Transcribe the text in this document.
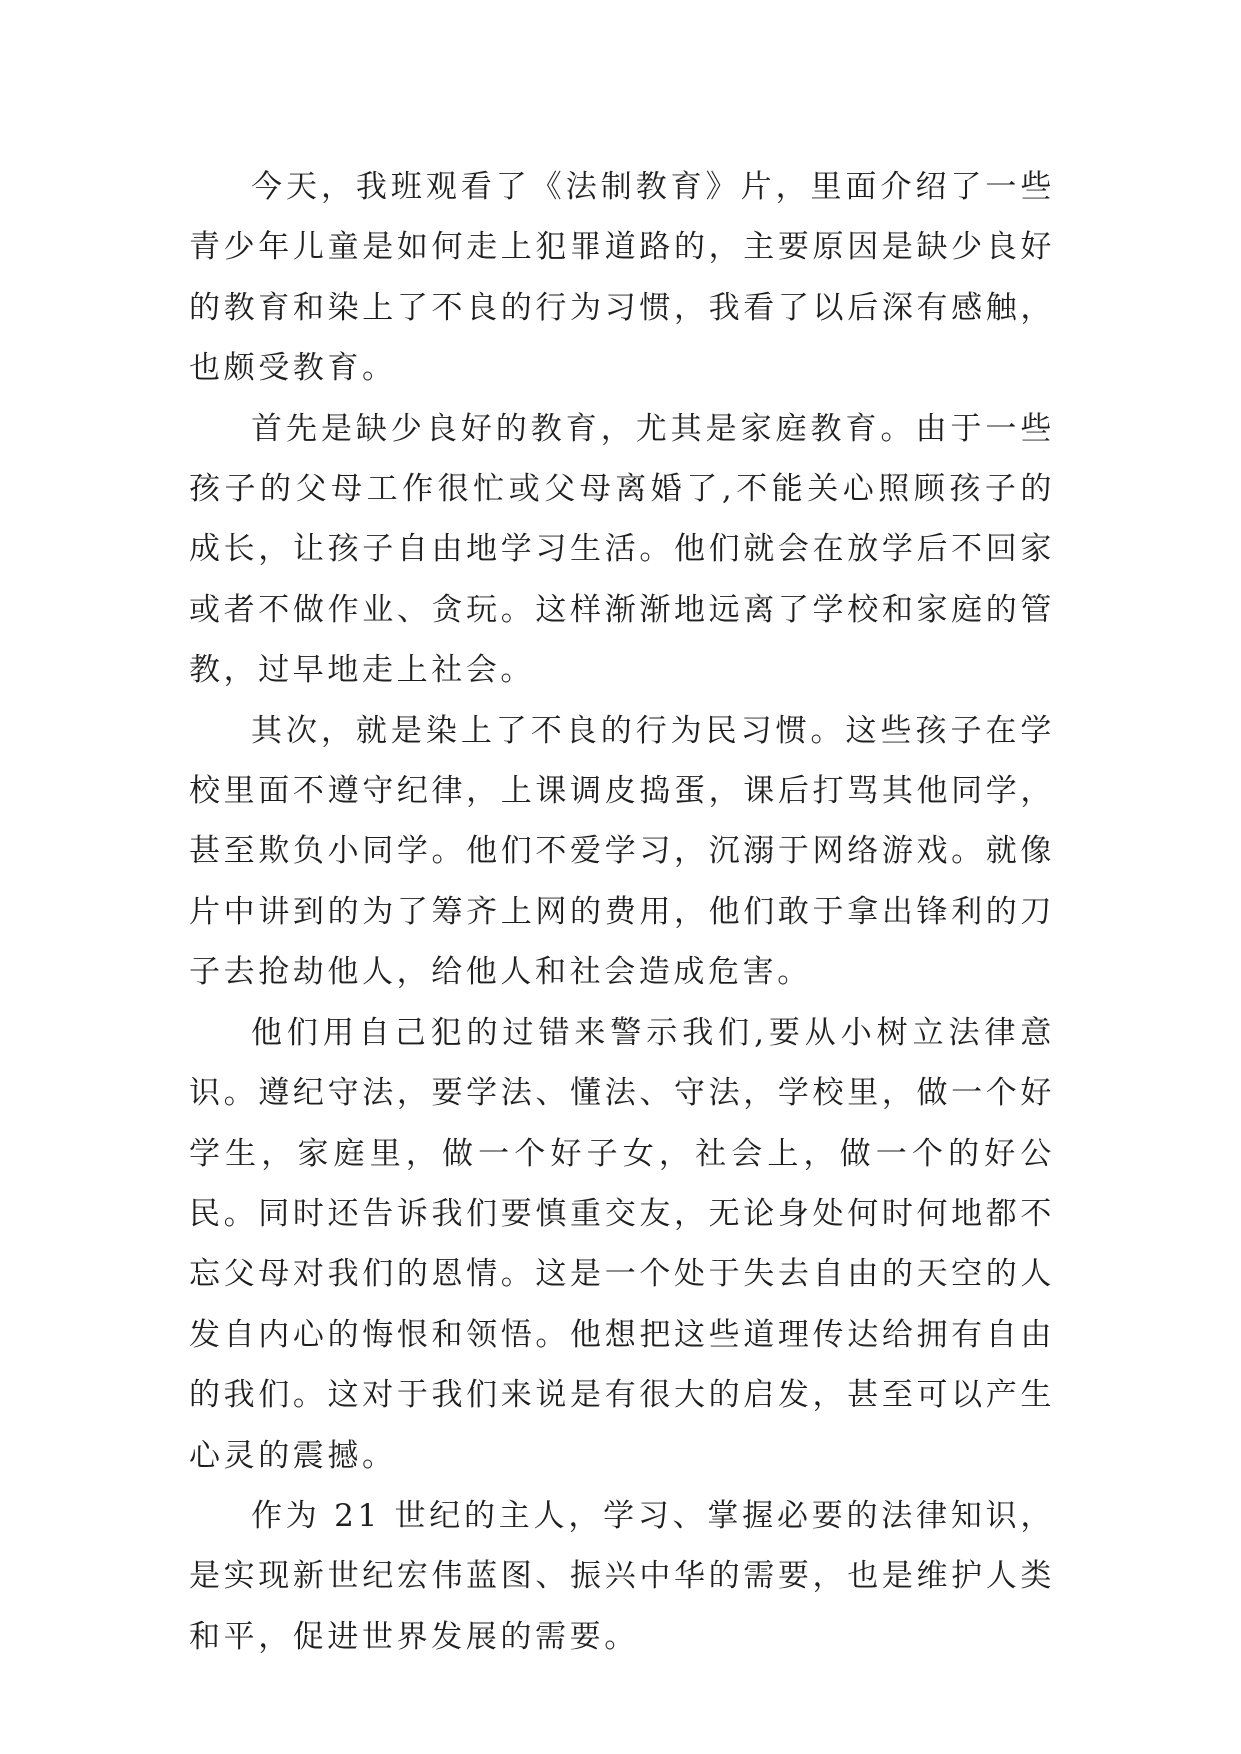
今天，我班观看了《法制教育》片，里面介绍了一些青少年儿童是如何走上犯罪道路的，主要原因是缺少良好的教育和染上了不良的行为习惯，我看了以后深有感触，也颇受教育。

首先是缺少良好的教育，尤其是家庭教育。由于一些孩子的父母工作很忙或父母离婚了,不能关心照顾孩子的成长，让孩子自由地学习生活。他们就会在放学后不回家或者不做作业、贪玩。这样渐渐地远离了学校和家庭的管教，过早地走上社会。

其次，就是染上了不良的行为民习惯。这些孩子在学校里面不遵守纪律，上课调皮捣蛋，课后打骂其他同学，甚至欺负小同学。他们不爱学习，沉溺于网络游戏。就像片中讲到的为了筹齐上网的费用，他们敢于拿出锋利的刀子去抢劫他人，给他人和社会造成危害。

他们用自己犯的过错来警示我们,要从小树立法律意识。遵纪守法，要学法、懂法、守法，学校里，做一个好学生，家庭里，做一个好子女，社会上，做一个的好公民。同时还告诉我们要慎重交友，无论身处何时何地都不忘父母对我们的恩情。这是一个处于失去自由的天空的人发自内心的悔恨和领悟。他想把这些道理传达给拥有自由的我们。这对于我们来说是有很大的启发，甚至可以产生心灵的震撼。

作为 21 世纪的主人，学习、掌握必要的法律知识，是实现新世纪宏伟蓝图、振兴中华的需要，也是维护人类和平，促进世界发展的需要。
